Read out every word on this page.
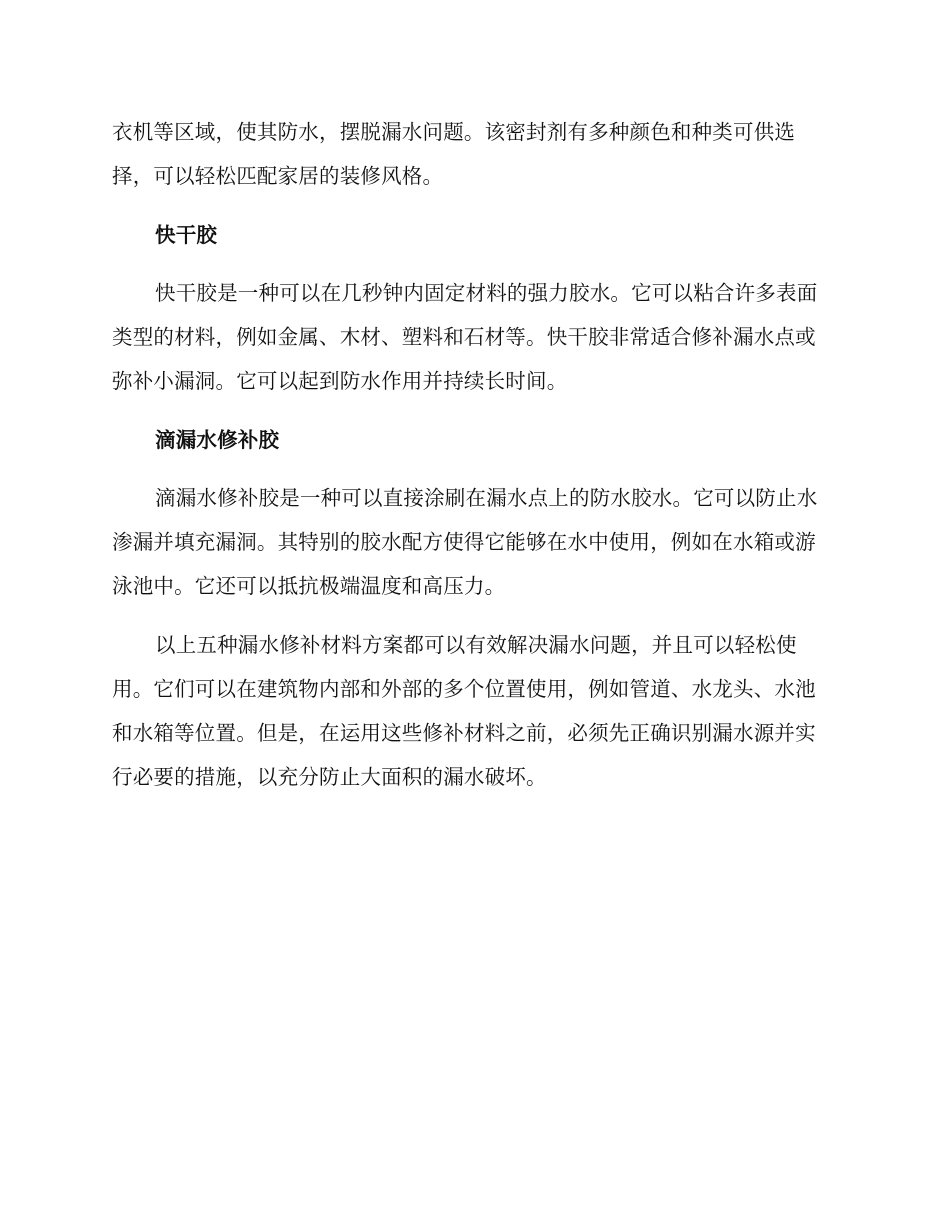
衣机等区域，使其防水，摆脱漏水问题。该密封剂有多种颜色和种类可供选择，可以轻松匹配家居的装修风格。

快干胶

快干胶是一种可以在几秒钟内固定材料的强力胶水。它可以粘合许多表面类型的材料，例如金属、木材、塑料和石材等。快干胶非常适合修补漏水点或弥补小漏洞。它可以起到防水作用并持续长时间。

滴漏水修补胶

滴漏水修补胶是一种可以直接涂刷在漏水点上的防水胶水。它可以防止水渗漏并填充漏洞。其特别的胶水配方使得它能够在水中使用，例如在水箱或游泳池中。它还可以抵抗极端温度和高压力。

以上五种漏水修补材料方案都可以有效解决漏水问题，并且可以轻松使用。它们可以在建筑物内部和外部的多个位置使用，例如管道、水龙头、水池和水箱等位置。但是，在运用这些修补材料之前，必须先正确识别漏水源并实行必要的措施，以充分防止大面积的漏水破坏。
